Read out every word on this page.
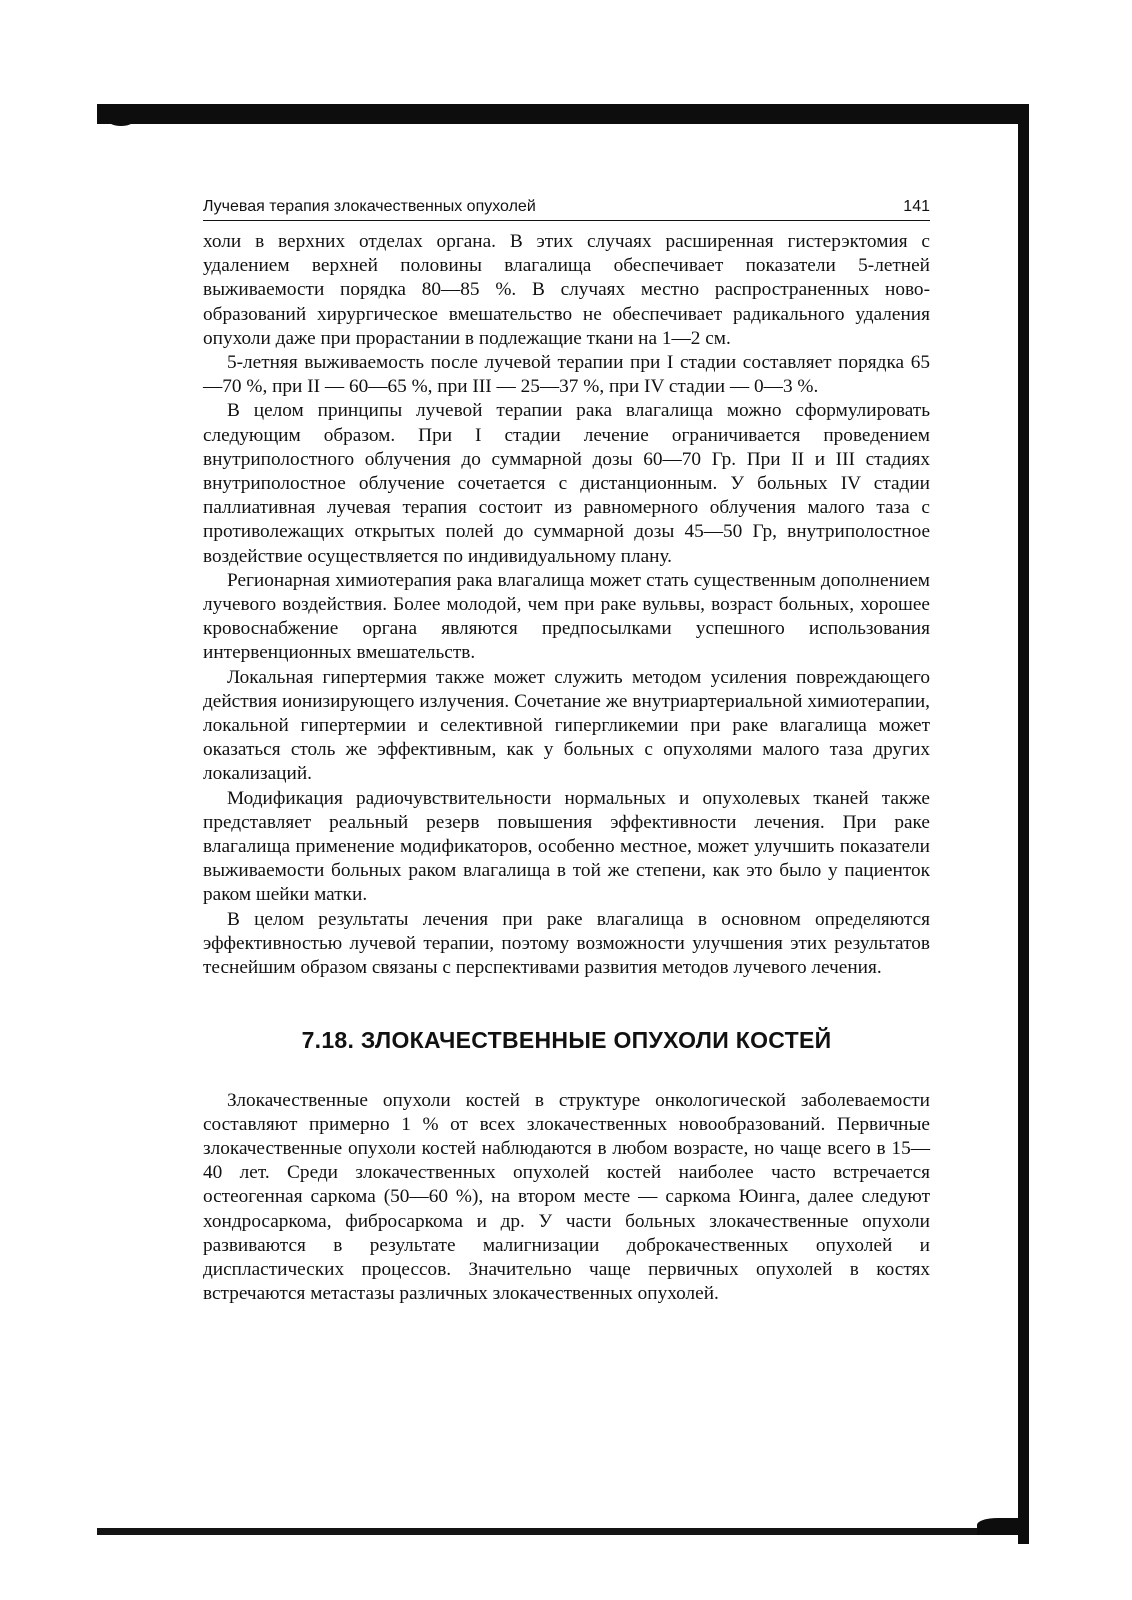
Лучевая терапия злокачественных опухолей	141

холи в верхних отделах органа. В этих случаях расширенная гистерэктомия с удалением верхней половины влагалища обеспечивает показатели 5-летней выживаемости порядка 80—85 %. В случаях местно распространенных новообразований хирургическое вмешательство не обеспечивает радикального удаления опухоли даже при прорастании в подлежащие ткани на 1—2 см.

5-летняя выживаемость после лучевой терапии при I стадии составляет порядка 65—70 %, при II — 60—65 %, при III — 25—37 %, при IV стадии — 0—3 %.

В целом принципы лучевой терапии рака влагалища можно сформулировать следующим образом. При I стадии лечение ограничивается проведением внутриполостного облучения до суммарной дозы 60—70 Гр. При II и III стадиях внутриполостное облучение сочетается с дистанционным. У больных IV стадии паллиативная лучевая терапия состоит из равномерного облучения малого таза с противолежащих открытых полей до суммарной дозы 45—50 Гр, внутриполостное воздействие осуществляется по индивидуальному плану.

Регионарная химиотерапия рака влагалища может стать существенным дополнением лучевого воздействия. Более молодой, чем при раке вульвы, возраст больных, хорошее кровоснабжение органа являются предпосылками успешного использования интервенционных вмешательств.

Локальная гипертермия также может служить методом усиления повреждающего действия ионизирующего излучения. Сочетание же внутриартериальной химиотерапии, локальной гипертермии и селективной гипергликемии при раке влагалища может оказаться столь же эффективным, как у больных с опухолями малого таза других локализаций.

Модификация радиочувствительности нормальных и опухолевых тканей также представляет реальный резерв повышения эффективности лечения. При раке влагалища применение модификаторов, особенно местное, может улучшить показатели выживаемости больных раком влагалища в той же степени, как это было у пациенток раком шейки матки.

В целом результаты лечения при раке влагалища в основном определяются эффективностью лучевой терапии, поэтому возможности улучшения этих результатов теснейшим образом связаны с перспективами развития методов лучевого лечения.

7.18. ЗЛОКАЧЕСТВЕННЫЕ ОПУХОЛИ КОСТЕЙ

Злокачественные опухоли костей в структуре онкологической заболеваемости составляют примерно 1 % от всех злокачественных новообразований. Первичные злокачественные опухоли костей наблюдаются в любом возрасте, но чаще всего в 15—40 лет. Среди злокачественных опухолей костей наиболее часто встречается остеогенная саркома (50—60 %), на втором месте — саркома Юинга, далее следуют хондросаркома, фибросаркома и др. У части больных злокачественные опухоли развиваются в результате малигнизации доброкачественных опухолей и диспластических процессов. Значительно чаще первичных опухолей в костях встречаются метастазы различных злокачественных опухолей.
